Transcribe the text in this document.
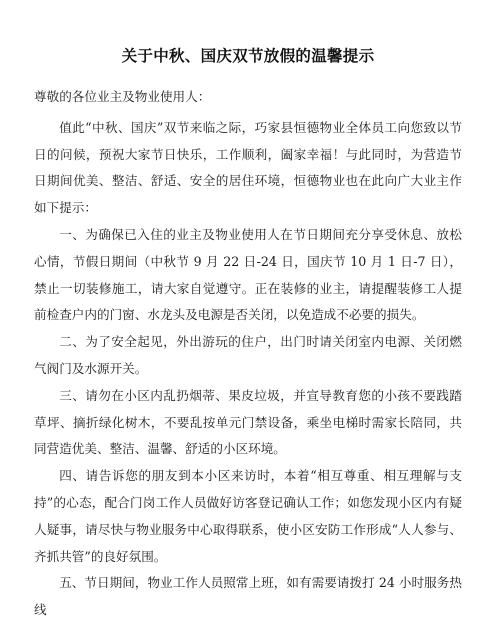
关于中秋、国庆双节放假的温馨提示

尊敬的各位业主及物业使用人：

值此“中秋、国庆”双节来临之际，巧家县恒德物业全体员工向您致以节日的问候，预祝大家节日快乐，工作顺利，阖家幸福！与此同时，为营造节日期间优美、整洁、舒适、安全的居住环境，恒德物业也在此向广大业主作如下提示：

一、为确保已入住的业主及物业使用人在节日期间充分享受休息、放松心情，节假日期间（中秋节 9 月 22 日-24 日，国庆节 10 月 1 日-7 日），禁止一切装修施工，请大家自觉遵守。正在装修的业主，请提醒装修工人提前检查户内的门窗、水龙头及电源是否关闭，以免造成不必要的损失。

二、为了安全起见，外出游玩的住户，出门时请关闭室内电源、关闭燃气阀门及水源开关。

三、请勿在小区内乱扔烟蒂、果皮垃圾，并宣导教育您的小孩不要践踏草坪、摘折绿化树木，不要乱按单元门禁设备，乘坐电梯时需家长陪同，共同营造优美、整洁、温馨、舒适的小区环境。

四、请告诉您的朋友到本小区来访时，本着“相互尊重、相互理解与支持”的心态，配合门岗工作人员做好访客登记确认工作；如您发现小区内有疑人疑事，请尽快与物业服务中心取得联系，使小区安防工作形成“人人参与、齐抓共管”的良好氛围。

五、节日期间，物业工作人员照常上班，如有需要请拨打 24 小时服务热线
